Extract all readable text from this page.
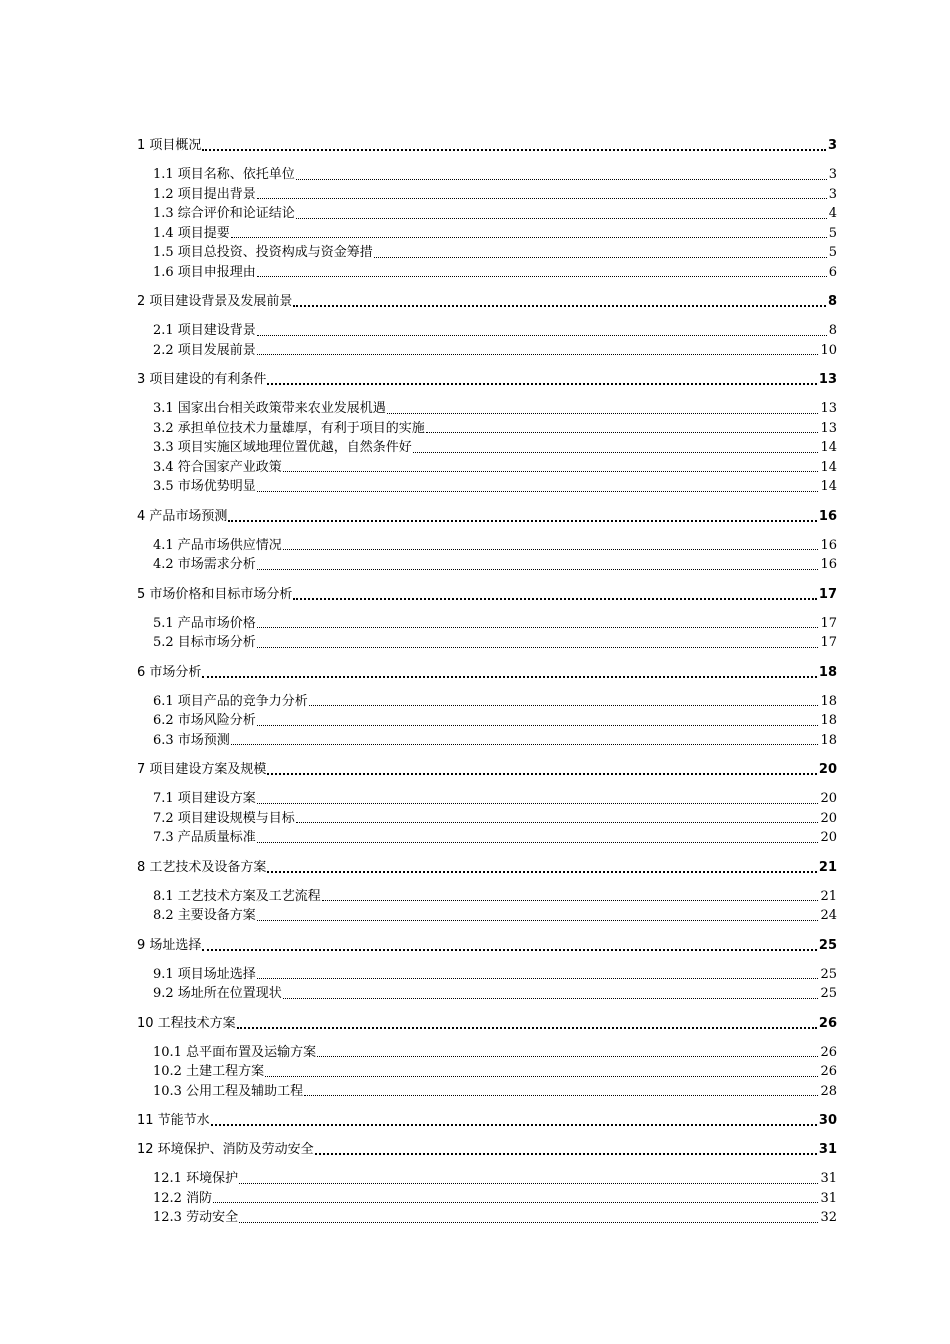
1 项目概况	3
1.1 项目名称、依托单位	3
1.2 项目提出背景	3
1.3 综合评价和论证结论	4
1.4 项目提要	5
1.5 项目总投资、投资构成与资金筹措	5
1.6 项目申报理由	6
2 项目建设背景及发展前景	8
2.1 项目建设背景	8
2.2 项目发展前景	10
3 项目建设的有利条件	13
3.1 国家出台相关政策带来农业发展机遇	13
3.2 承担单位技术力量雄厚，有利于项目的实施	13
3.3 项目实施区域地理位置优越，自然条件好	14
3.4 符合国家产业政策	14
3.5 市场优势明显	14
4 产品市场预测	16
4.1 产品市场供应情况	16
4.2 市场需求分析	16
5 市场价格和目标市场分析	17
5.1 产品市场价格	17
5.2 目标市场分析	17
6 市场分析	18
6.1 项目产品的竞争力分析	18
6.2 市场风险分析	18
6.3 市场预测	18
7 项目建设方案及规模	20
7.1 项目建设方案	20
7.2 项目建设规模与目标	20
7.3 产品质量标准	20
8 工艺技术及设备方案	21
8.1 工艺技术方案及工艺流程	21
8.2 主要设备方案	24
9 场址选择	25
9.1 项目场址选择	25
9.2 场址所在位置现状	25
10 工程技术方案	26
10.1 总平面布置及运输方案	26
10.2 土建工程方案	26
10.3 公用工程及辅助工程	28
11 节能节水	30
12 环境保护、消防及劳动安全	31
12.1 环境保护	31
12.2 消防	31
12.3 劳动安全	32
